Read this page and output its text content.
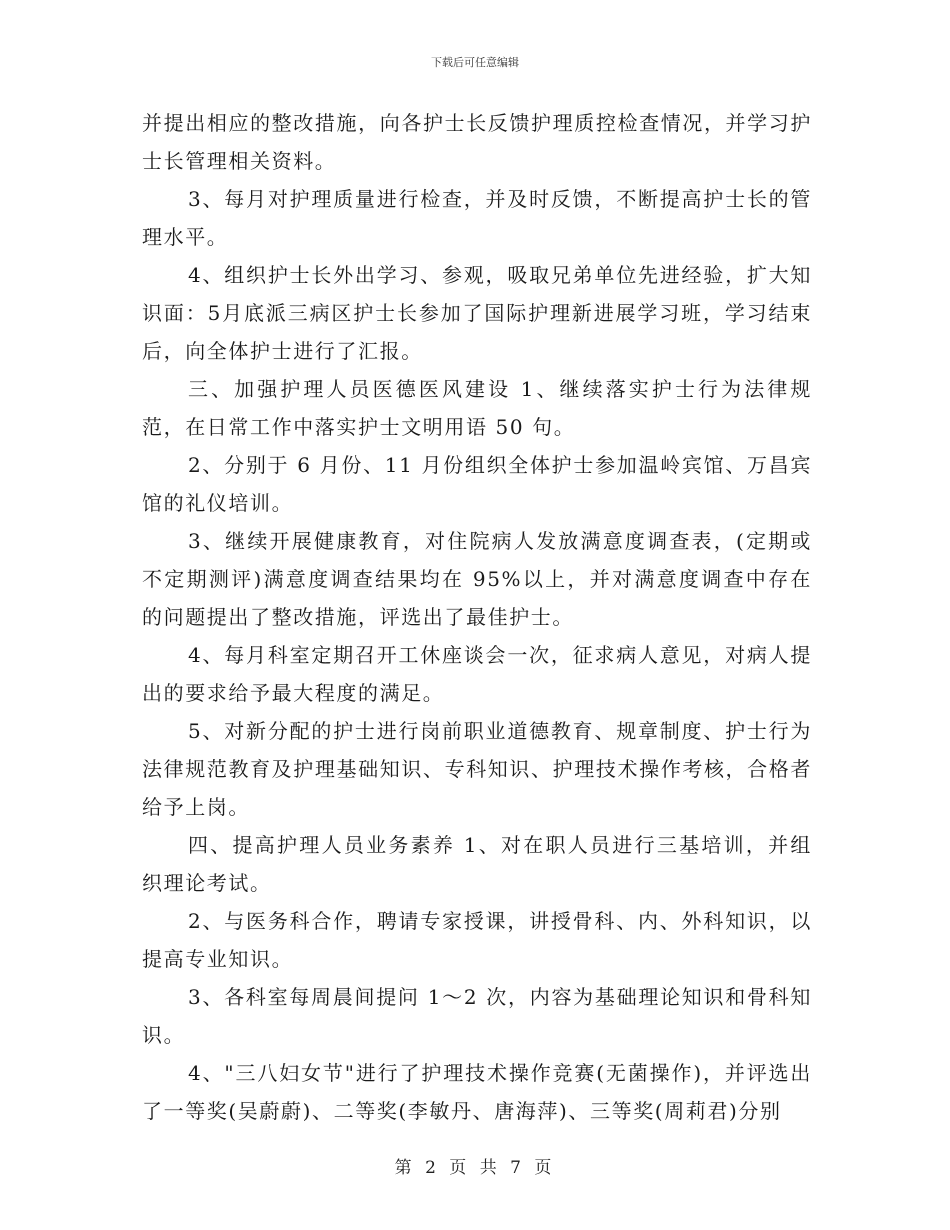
下载后可任意编辑

并提出相应的整改措施，向各护士长反馈护理质控检查情况，并学习护士长管理相关资料。

3、每月对护理质量进行检查，并及时反馈，不断提高护士长的管理水平。

4、组织护士长外出学习、参观，吸取兄弟单位先进经验，扩大知识面：5月底派三病区护士长参加了国际护理新进展学习班，学习结束后，向全体护士进行了汇报。

三、加强护理人员医德医风建设 1、继续落实护士行为法律规范，在日常工作中落实护士文明用语 50 句。

2、分别于 6 月份、11 月份组织全体护士参加温岭宾馆、万昌宾馆的礼仪培训。

3、继续开展健康教育，对住院病人发放满意度调查表，(定期或不定期测评)满意度调查结果均在 95%以上，并对满意度调查中存在的问题提出了整改措施，评选出了最佳护士。

4、每月科室定期召开工休座谈会一次，征求病人意见，对病人提出的要求给予最大程度的满足。

5、对新分配的护士进行岗前职业道德教育、规章制度、护士行为法律规范教育及护理基础知识、专科知识、护理技术操作考核，合格者给予上岗。

四、提高护理人员业务素养 1、对在职人员进行三基培训，并组织理论考试。

2、与医务科合作，聘请专家授课，讲授骨科、内、外科知识，以提高专业知识。

3、各科室每周晨间提问 1～2 次，内容为基础理论知识和骨科知识。

4、"三八妇女节"进行了护理技术操作竞赛(无菌操作)，并评选出了一等奖(吴蔚蔚)、二等奖(李敏丹、唐海萍)、三等奖(周莉君)分别

第 2 页 共 7 页
